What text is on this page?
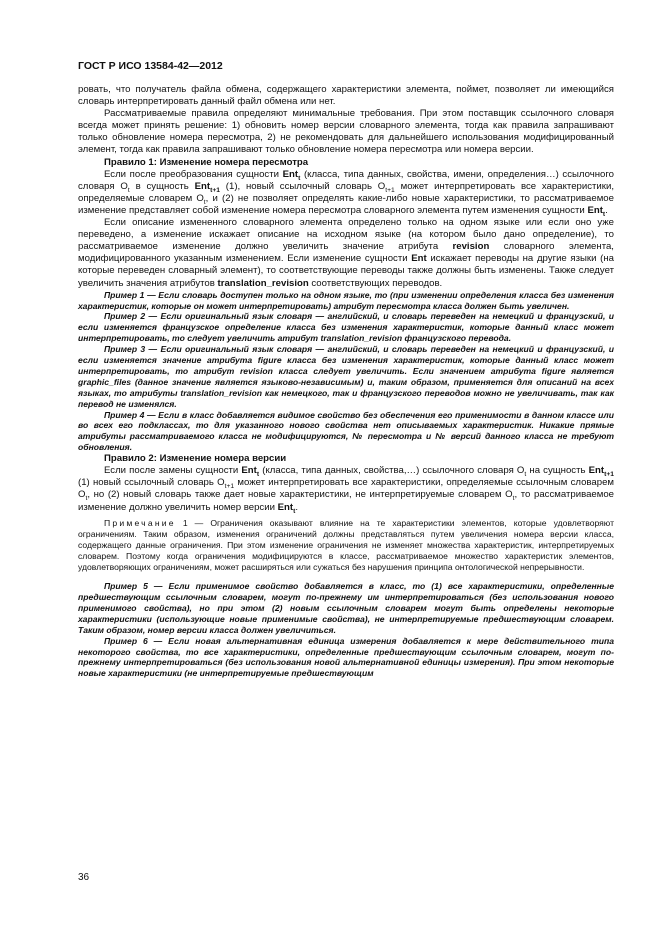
ГОСТ Р ИСО 13584-42—2012

ровать, что получатель файла обмена, содержащего характеристики элемента, поймет, позволяет ли имеющийся словарь интерпретировать данный файл обмена или нет.

Рассматриваемые правила определяют минимальные требования. При этом поставщик ссылочного словаря всегда может принять решение: 1) обновить номер версии словарного элемента, тогда как правила запрашивают только обновление номера пересмотра, 2) не рекомендовать для дальнейшего использования модифицированный элемент, тогда как правила запрашивают только обновление номера пересмотра или номера версии.

Правило 1: Изменение номера пересмотра

Если после преобразования сущности Ent$_t$ (класса, типа данных, свойства, имени, определения…) ссылочного словаря $O_t$ в сущность Ent$_{t+1}$ (1), новый ссылочный словарь $O_{t+1}$ может интерпретировать все характеристики, определяемые словарем $O_t$, и (2) не позволяет определять какие-либо новые характеристики, то рассматриваемое изменение представляет собой изменение номера пересмотра словарного элемента путем изменения сущности Ent$_t$.

Если описание измененного словарного элемента определено только на одном языке или если оно уже переведено, а изменение искажает описание на исходном языке (на котором было дано определение), то рассматриваемое изменение должно увеличить значение атрибута revision словарного элемента, модифицированного указанным изменением. Если изменение сущности Ent искажает переводы на другие языки (на которые переведен словарный элемент), то соответствующие переводы также должны быть изменены. Также следует увеличить значения атрибутов translation_revision соответствующих переводов.

Пример 1 — Если словарь доступен только на одном языке, то (при изменении определения класса без изменения характеристик, которые он может интерпретировать) атрибут пересмотра класса должен быть увеличен.

Пример 2 — Если оригинальный язык словаря — английский, и словарь переведен на немецкий и французский, и если изменяется французское определение класса без изменения характеристик, которые данный класс может интерпретировать, то следует увеличить атрибут translation_revision французского перевода.

Пример 3 — Если оригинальный язык словаря — английский, и словарь переведен на немецкий и французский, и если изменяется значение атрибута figure класса без изменения характеристик, которые данный класс может интерпретировать, то атрибут revision класса следует увеличить. Если значением атрибута figure является graphic_files (данное значение является языково-независимым) и, таким образом, применяется для описаний на всех языках, то атрибуты translation_revision как немецкого, так и французского переводов можно не увеличивать, так как перевод не изменялся.

Пример 4 — Если в класс добавляется видимое свойство без обеспечения его применимости в данном классе или во всех его подклассах, то для указанного нового свойства нет описываемых характеристик. Никакие прямые атрибуты рассматриваемого класса не модифицируются, № пересмотра и № версий данного класса не требуют обновления.

Правило 2: Изменение номера версии

Если после замены сущности Ent$_t$ (класса, типа данных, свойства,…) ссылочного словаря $O_t$ на сущность Ent$_{t+1}$ (1) новый ссылочный словарь $O_{t+1}$ может интерпретировать все характеристики, определяемые ссылочным словарем $O_t$, но (2) новый словарь также дает новые характеристики, не интерпретируемые словарем $O_t$, то рассматриваемое изменение должно увеличить номер версии Ent$_t$.

Примечание 1 — Ограничения оказывают влияние на те характеристики элементов, которые удовлетворяют ограничениям. Таким образом, изменения ограничений должны представляться путем увеличения номера версии класса, содержащего данные ограничения. При этом изменение ограничения не изменяет множества характеристик, интерпретируемых словарем. Поэтому когда ограничения модифицируются в классе, рассматриваемое множество характеристик элементов, удовлетворяющих ограничениям, может расширяться или сужаться без нарушения принципа онтологической непрерывности.

Пример 5 — Если применимое свойство добавляется в класс, то (1) все характеристики, определенные предшествующим ссылочным словарем, могут по-прежнему им интерпретироваться (без использования нового применимого свойства), но при этом (2) новым ссылочным словарем могут быть определены некоторые характеристики (использующие новые применимые свойства), не интерпретируемые предшествующим словарем. Таким образом, номер версии класса должен увеличиться.

Пример 6 — Если новая альтернативная единица измерения добавляется к мере действительного типа некоторого свойства, то все характеристики, определенные предшествующим ссылочным словарем, могут по-прежнему интерпретироваться (без использования новой альтернативной единицы измерения). При этом некоторые новые характеристики (не интерпретируемые предшествующим

36
